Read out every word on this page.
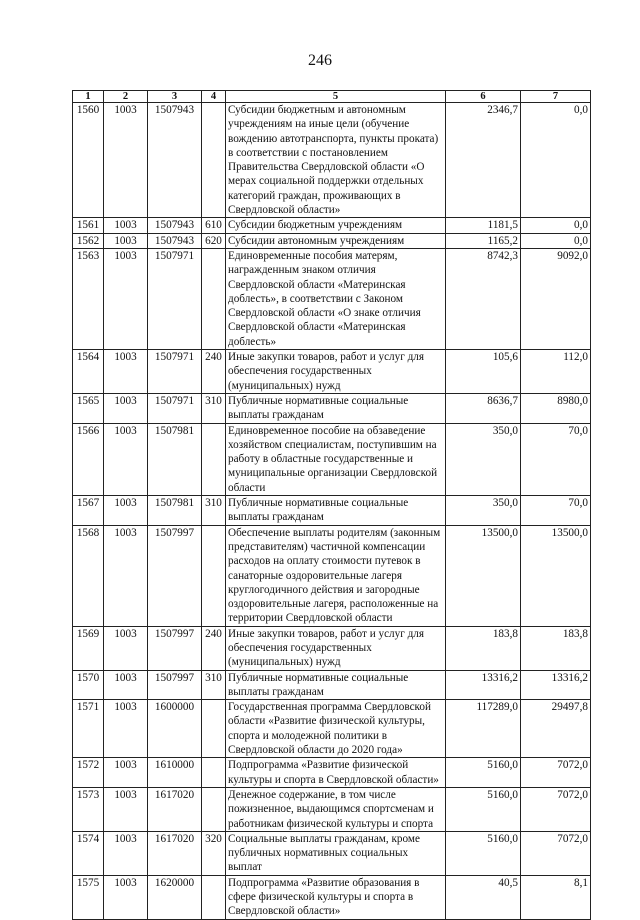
246
1	2	3	4	5	6	7
1560	1003	1507943		Субсидии бюджетным и автономным учреждениям на иные цели (обучение вождению автотранспорта, пункты проката) в соответствии с постановлением Правительства Свердловской области «О мерах социальной поддержки отдельных категорий граждан, проживающих в Свердловской области»	2346,7	0,0
1561	1003	1507943	610	Субсидии бюджетным учреждениям	1181,5	0,0
1562	1003	1507943	620	Субсидии автономным учреждениям	1165,2	0,0
1563	1003	1507971		Единовременные пособия матерям, награжденным знаком отличия Свердловской области «Материнская доблесть», в соответствии с Законом Свердловской области «О знаке отличия Свердловской области «Материнская доблесть»	8742,3	9092,0
1564	1003	1507971	240	Иные закупки товаров, работ и услуг для обеспечения государственных (муниципальных) нужд	105,6	112,0
1565	1003	1507971	310	Публичные нормативные социальные выплаты гражданам	8636,7	8980,0
1566	1003	1507981		Единовременное пособие на обзаведение хозяйством специалистам, поступившим на работу в областные государственные и муниципальные организации Свердловской области	350,0	70,0
1567	1003	1507981	310	Публичные нормативные социальные выплаты гражданам	350,0	70,0
1568	1003	1507997		Обеспечение выплаты родителям (законным представителям) частичной компенсации расходов на оплату стоимости путевок в санаторные оздоровительные лагеря круглогодичного действия и загородные оздоровительные лагеря, расположенные на территории Свердловской области	13500,0	13500,0
1569	1003	1507997	240	Иные закупки товаров, работ и услуг для обеспечения государственных (муниципальных) нужд	183,8	183,8
1570	1003	1507997	310	Публичные нормативные социальные выплаты гражданам	13316,2	13316,2
1571	1003	1600000		Государственная программа Свердловской области «Развитие физической культуры, спорта и молодежной политики в Свердловской области до 2020 года»	117289,0	29497,8
1572	1003	1610000		Подпрограмма «Развитие физической культуры и спорта в Свердловской области»	5160,0	7072,0
1573	1003	1617020		Денежное содержание, в том числе пожизненное, выдающимся спортсменам и работникам физической культуры и спорта	5160,0	7072,0
1574	1003	1617020	320	Социальные выплаты гражданам, кроме публичных нормативных социальных выплат	5160,0	7072,0
1575	1003	1620000		Подпрограмма «Развитие образования в сфере физической культуры и спорта в Свердловской области»	40,5	8,1
